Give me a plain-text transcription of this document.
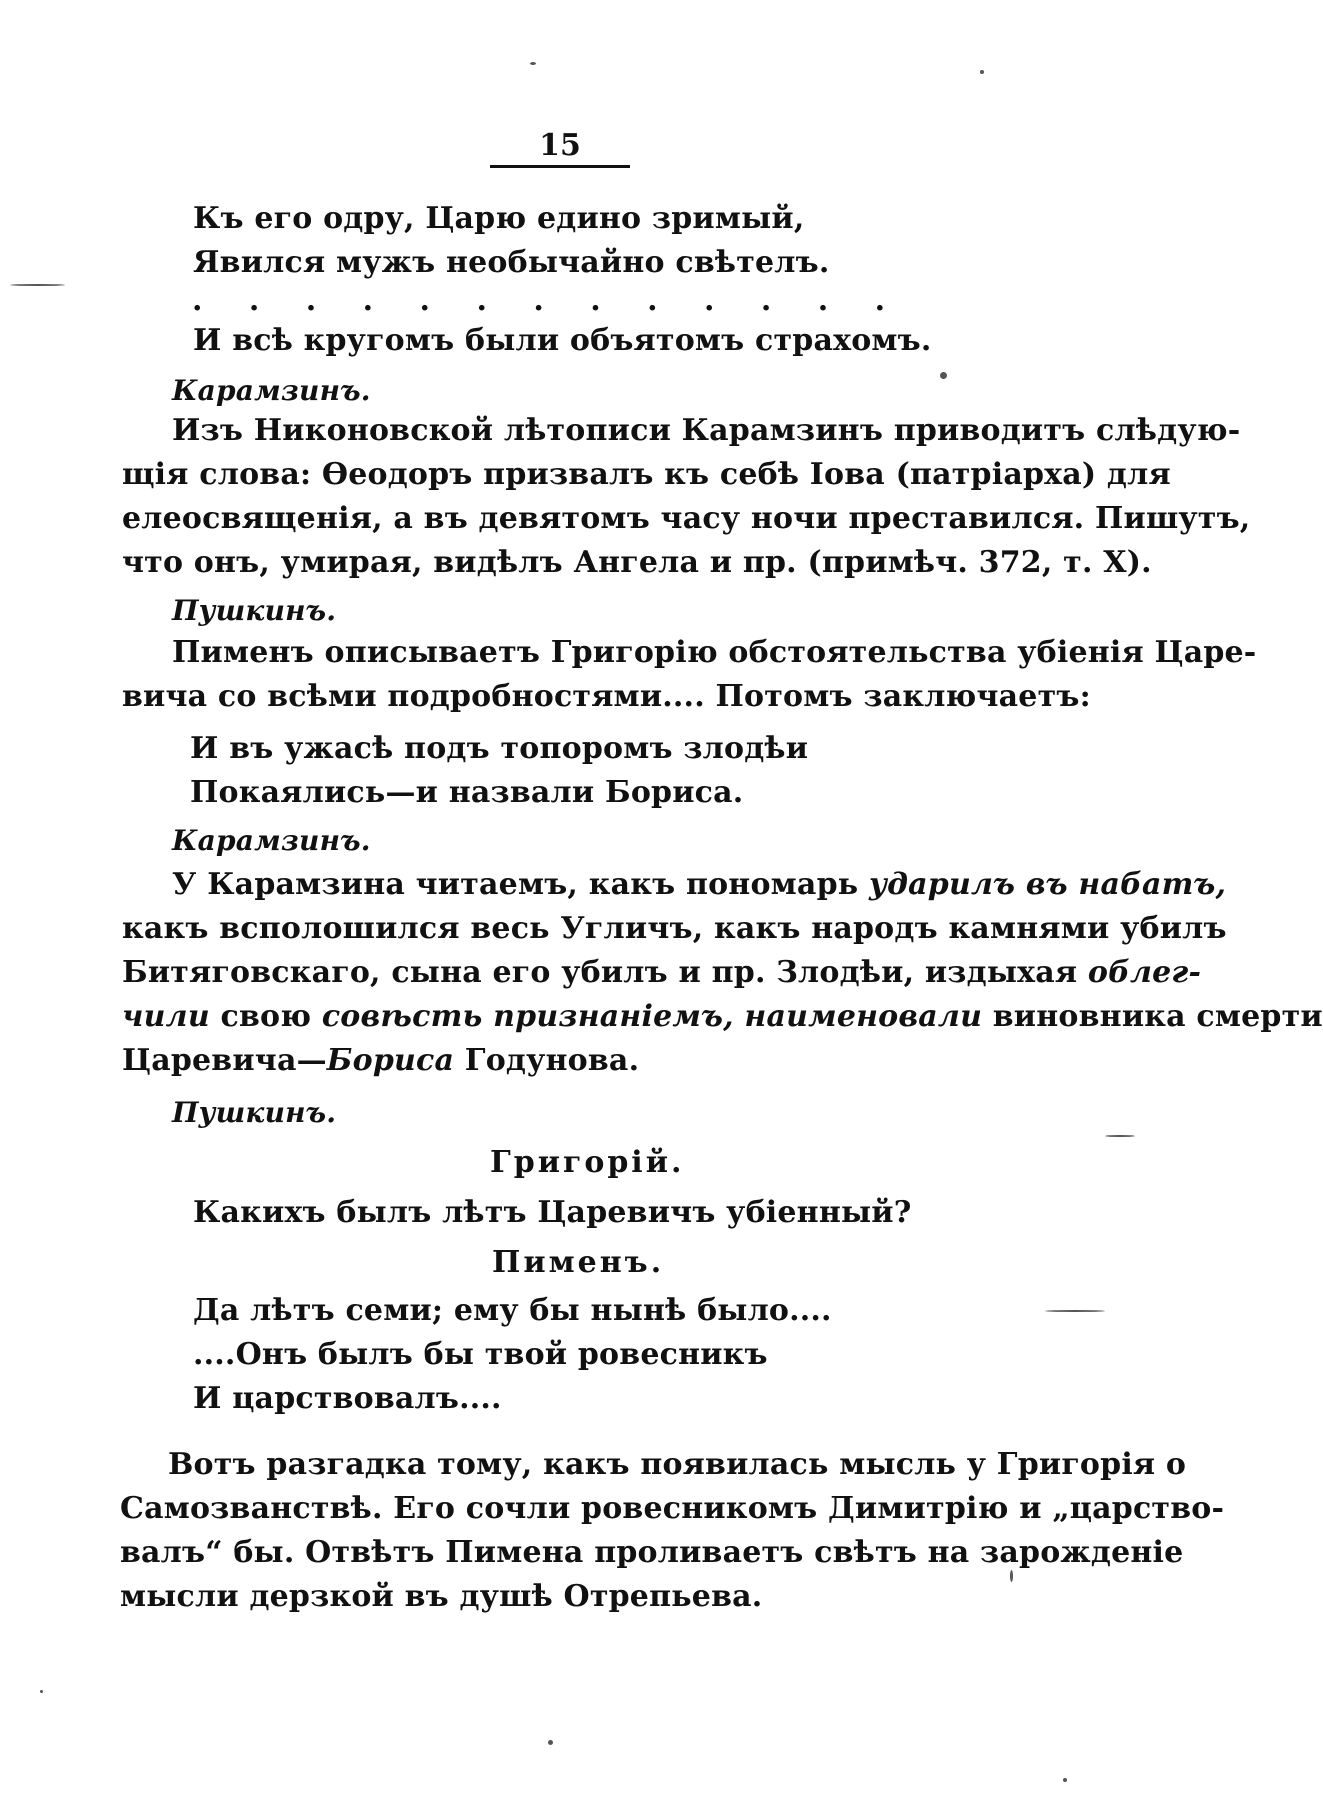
15
Къ его одру, Царю едино зримый,
Явился мужъ необычайно свѣтелъ.
. . . . . . . . . . . . .
И всѣ кругомъ были объятомъ страхомъ.
Карамзинъ.
Изъ Никоновской лѣтописи Карамзинъ приводитъ слѣдую-
щія слова: Өеодоръ призвалъ къ себѣ Іова (патріарха) для
елеосвященія, а въ девятомъ часу ночи преставился. Пишутъ,
что онъ, умирая, видѣлъ Ангела и пр. (примѣч. 372, т. X).
Пушкинъ.
Пименъ описываетъ Григорію обстоятельства убіенія Царе-
вича со всѣми подробностями.... Потомъ заключаетъ:
И въ ужасѣ подъ топоромъ злодѣи
Покаялись—и назвали Бориса.
Карамзинъ.
У Карамзина читаемъ, какъ пономарь ударилъ въ набатъ,
какъ всполошился весь Угличъ, какъ народъ камнями убилъ
Битяговскаго, сына его убилъ и пр. Злодѣи, издыхая облег-
чили свою совѣсть признаніемъ, наименовали виновника смерти
Царевича—Бориса Годунова.
Пушкинъ.
Григорій.
Какихъ былъ лѣтъ Царевичъ убіенный?
Пименъ.
Да лѣтъ семи; ему бы нынѣ было....
....Онъ былъ бы твой ровесникъ
И царствовалъ....
Вотъ разгадка тому, какъ появилась мысль у Григорія о
Самозванствѣ. Его сочли ровесникомъ Димитрію и „царство-
валъ“ бы. Отвѣтъ Пимена проливаетъ свѣтъ на зарожденіе
мысли дерзкой въ душѣ Отрепьева.
